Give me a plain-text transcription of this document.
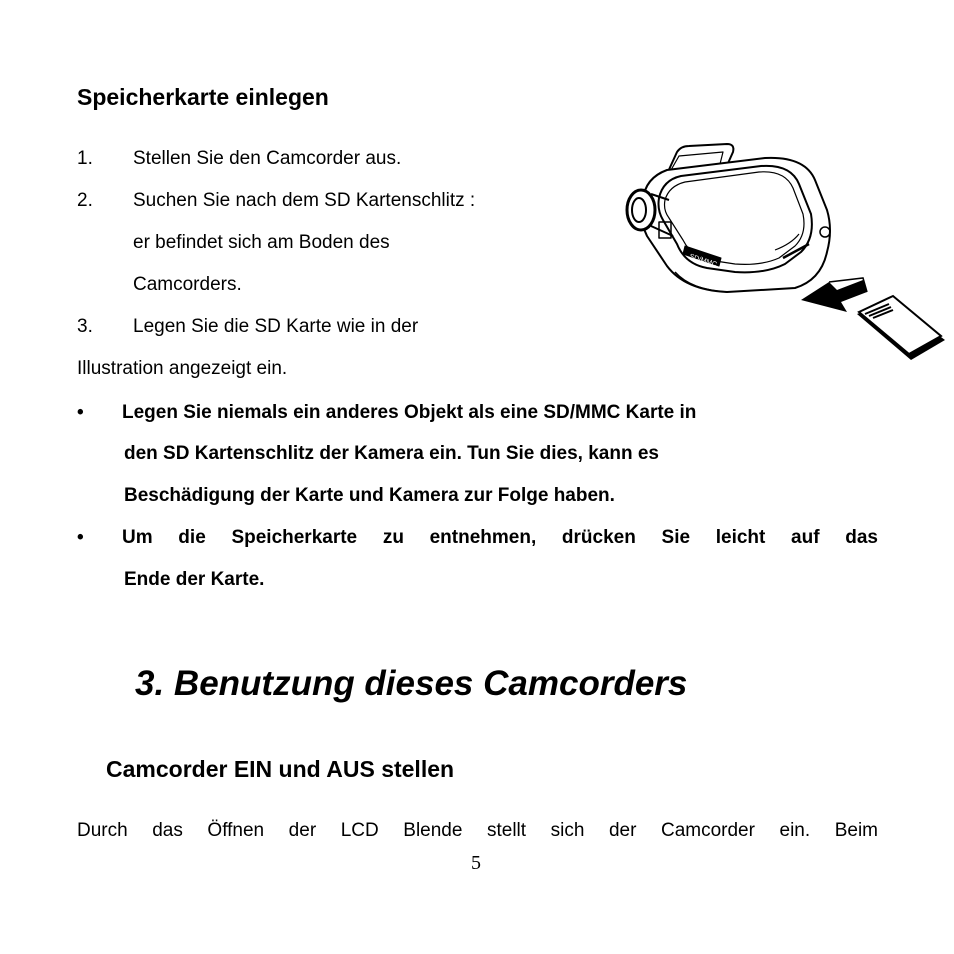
Speicherkarte einlegen
1. Stellen Sie den Camcorder aus.
2. Suchen Sie nach dem SD Kartenschlitz :
er befindet sich am Boden des
Camcorders.
3. Legen Sie die SD Karte wie in der
Illustration angezeigt ein.
SD/MMC
• Legen Sie niemals ein anderes Objekt als eine SD/MMC Karte in
den SD Kartenschlitz der Kamera ein. Tun Sie dies, kann es
Beschädigung der Karte und Kamera zur Folge haben.
• Um die Speicherkarte zu entnehmen, drücken Sie leicht auf das
Ende der Karte.
3. Benutzung dieses Camcorders
Camcorder EIN und AUS stellen
Durch das Öffnen der LCD Blende stellt sich der Camcorder ein. Beim
5
